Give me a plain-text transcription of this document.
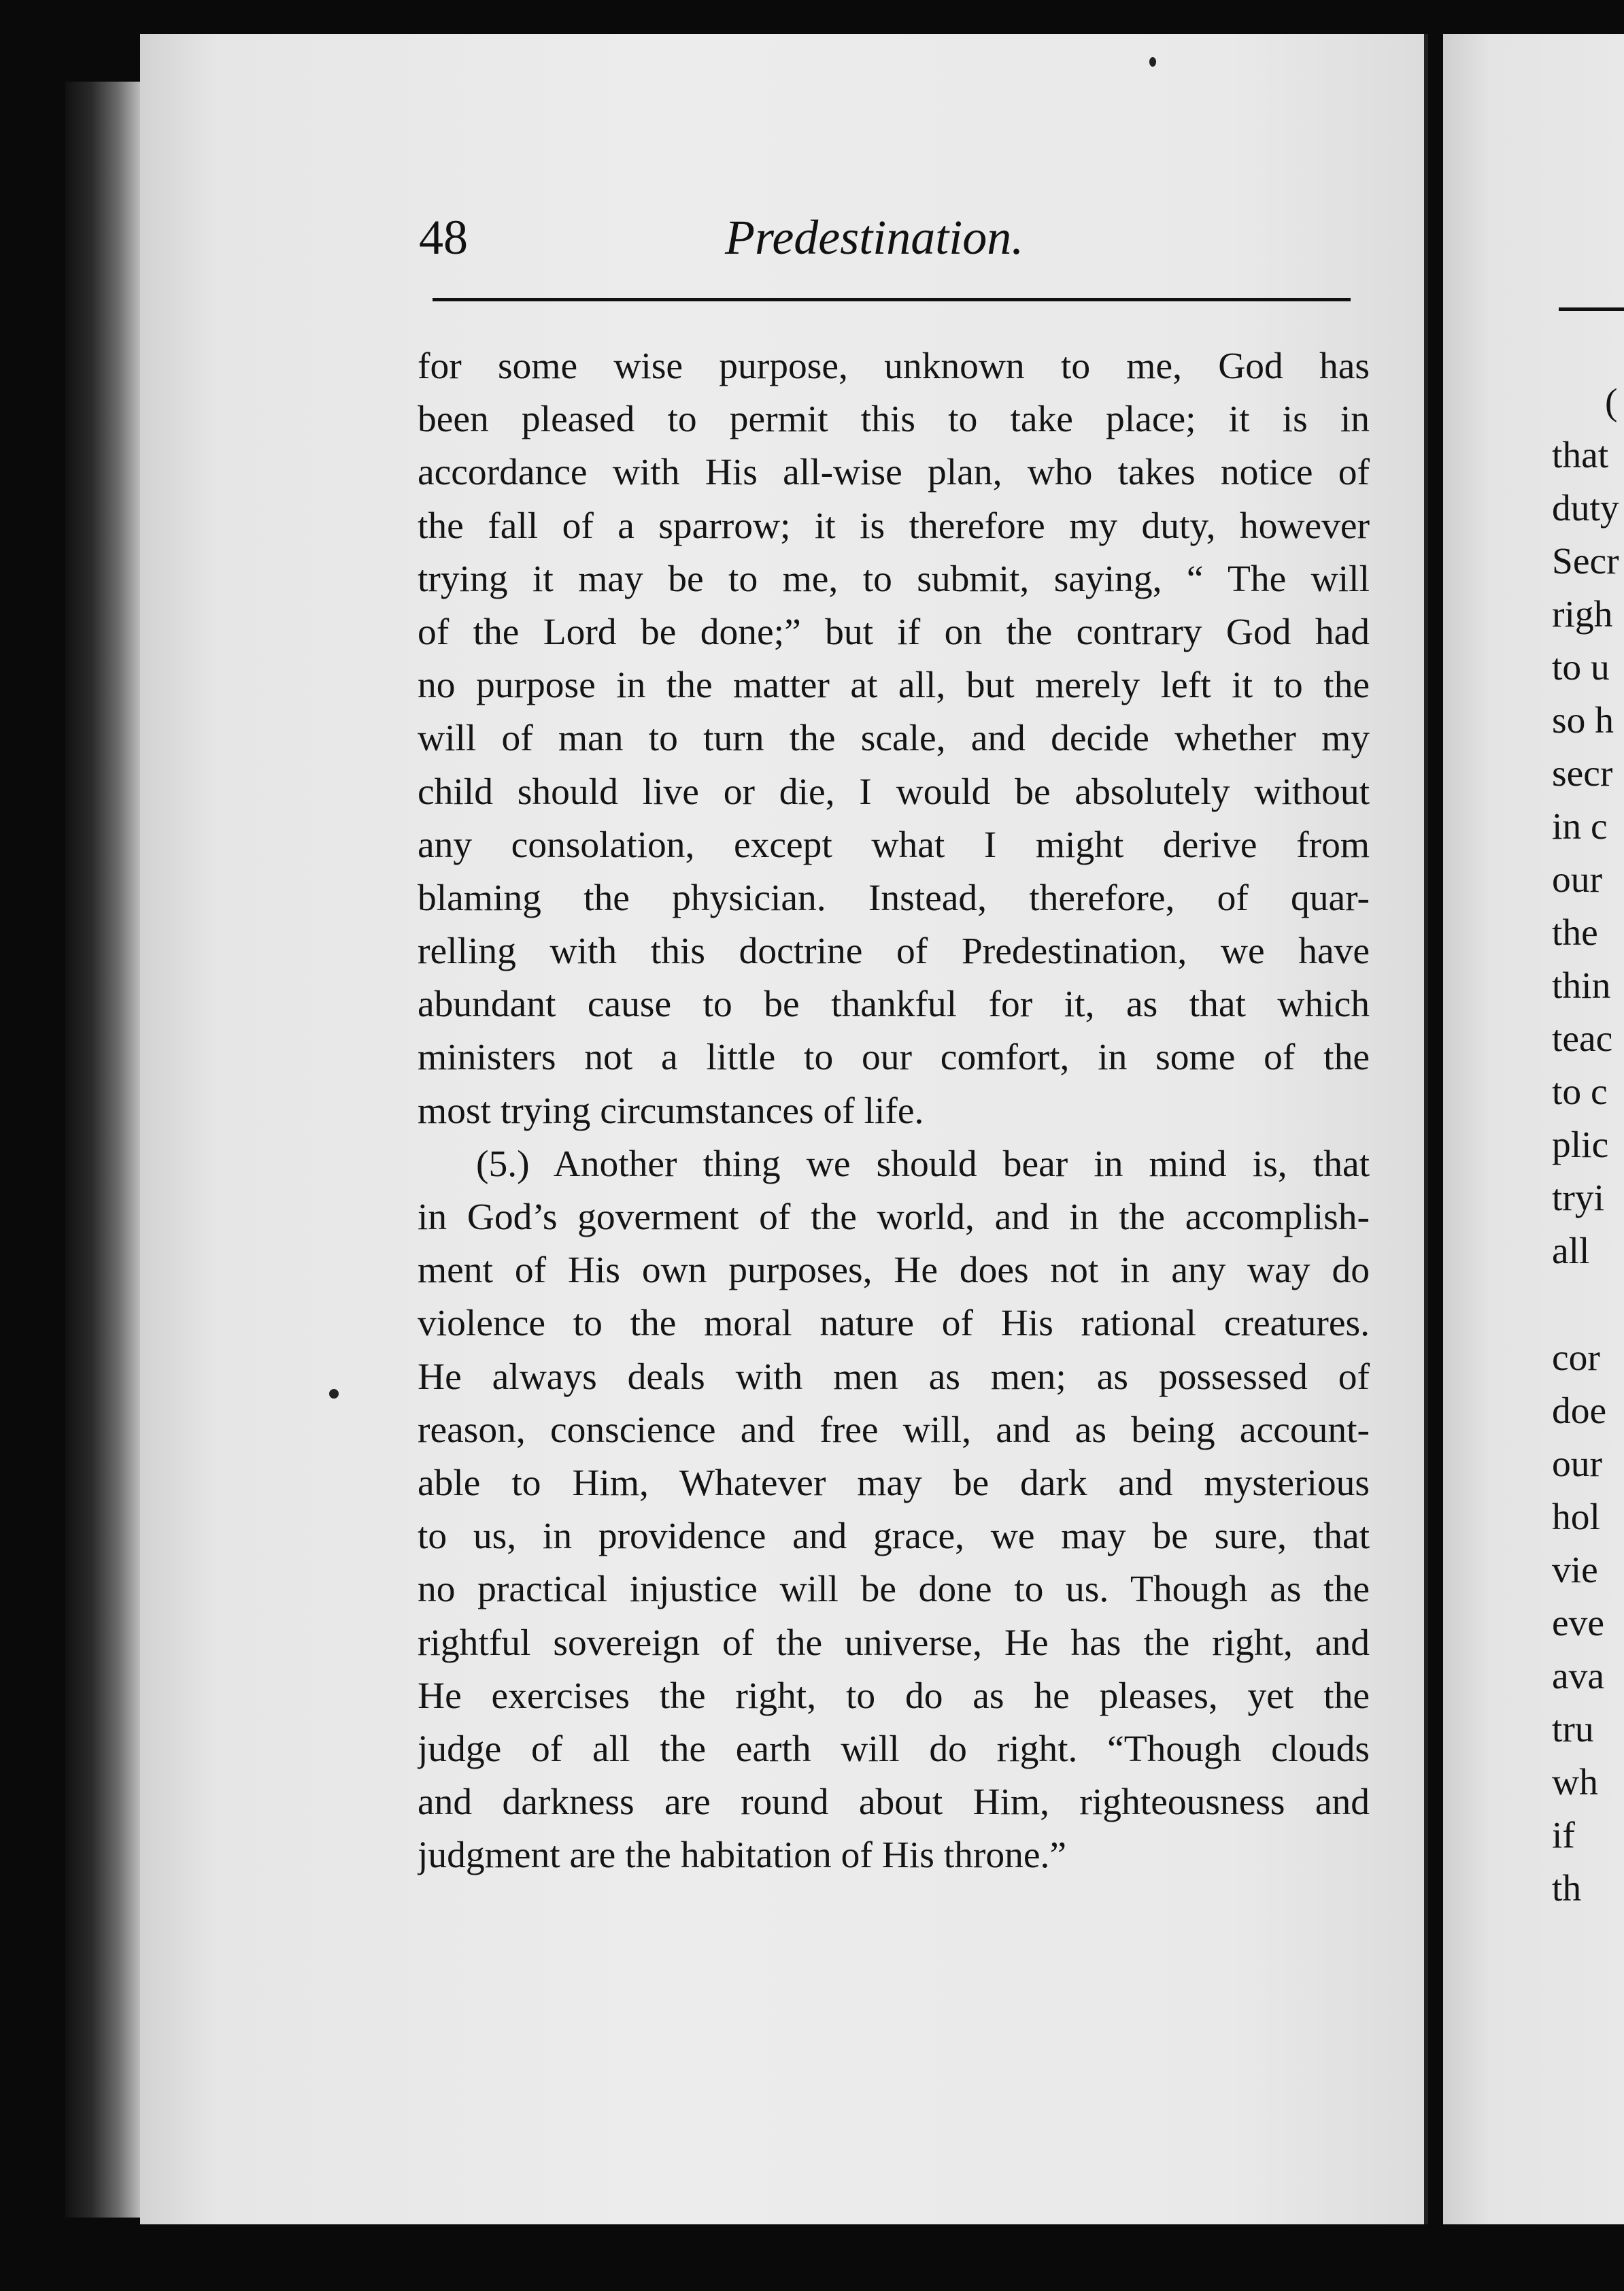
48	Predestination.
for some wise purpose, unknown to me, God has
been pleased to permit this to take place; it is in
accordance with His all-wise plan, who takes notice of
the fall of a sparrow; it is therefore my duty, however
trying it may be to me, to submit, saying, “ The will
of the Lord be done;” but if on the contrary God had
no purpose in the matter at all, but merely left it to the
will of man to turn the scale, and decide whether my
child should live or die, I would be absolutely without
any consolation, except what I might derive from
blaming the physician. Instead, therefore, of quar-
relling with this doctrine of Predestination, we have
abundant cause to be thankful for it, as that which
ministers not a little to our comfort, in some of the
most trying circumstances of life.
(5.) Another thing we should bear in mind is, that
in God’s goverment of the world, and in the accomplish-
ment of His own purposes, He does not in any way do
violence to the moral nature of His rational creatures.
He always deals with men as men; as possessed of
reason, conscience and free will, and as being account-
able to Him, Whatever may be dark and mysterious
to us, in providence and grace, we may be sure, that
no practical injustice will be done to us. Though as the
rightful sovereign of the universe, He has the right, and
He exercises the right, to do as he pleases, yet the
judge of all the earth will do right. “Though clouds
and darkness are round about Him, righteousness and
judgment are the habitation of His throne.”
(
that
duty
Secr
righ
to u
so h
secr
in c
our
the
thin
teac
to c
plic
tryi
all
cor
doe
our
hol
vie
eve
ava
tru
wh
if
th
